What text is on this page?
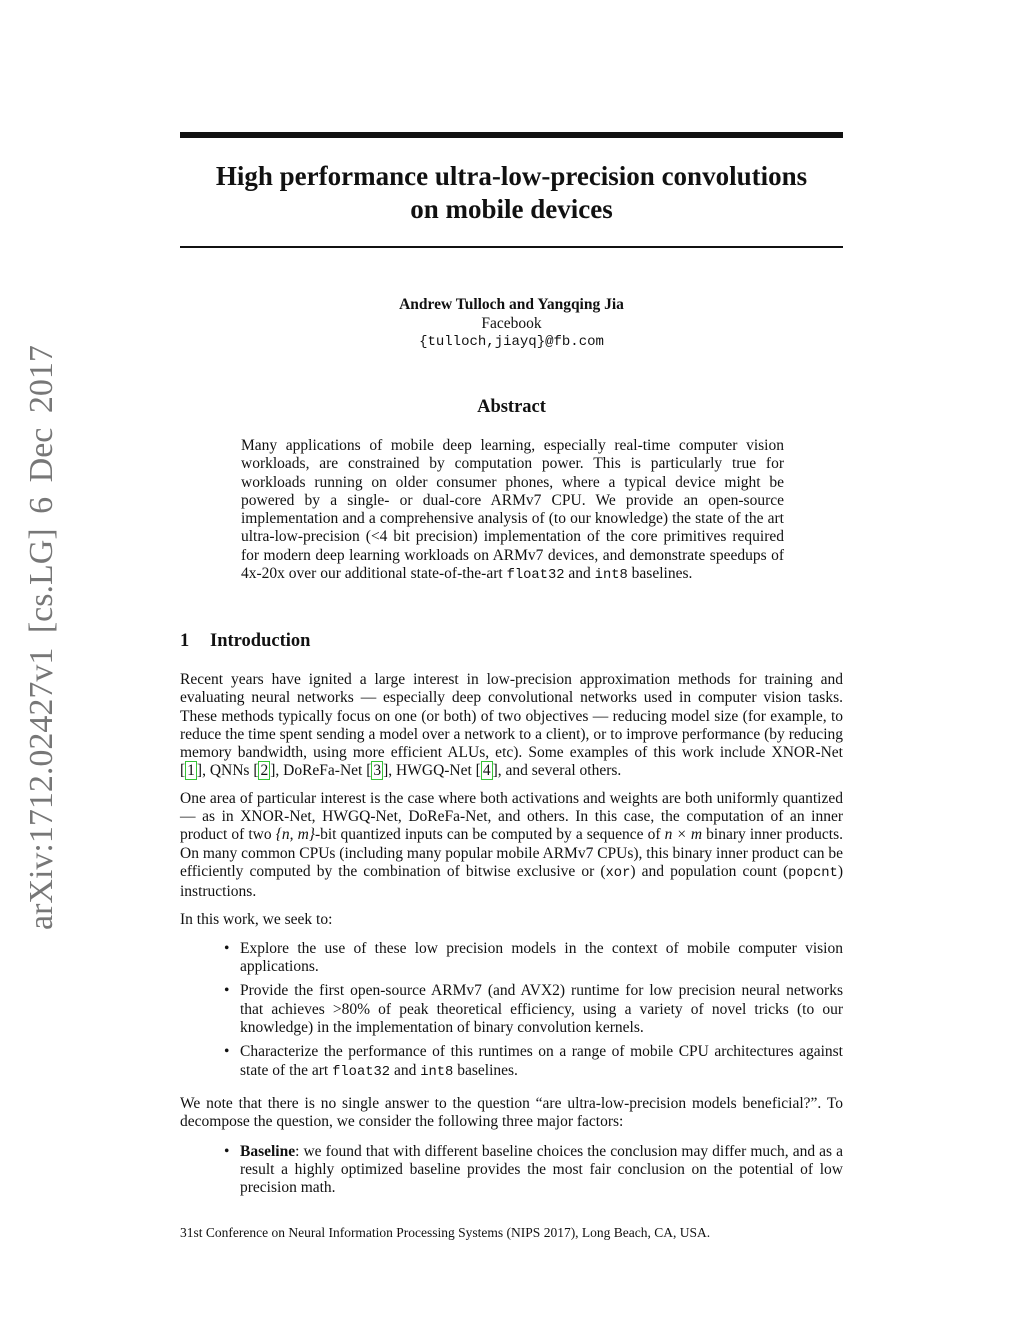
arXiv:1712.02427v1 [cs.LG] 6 Dec 2017
High performance ultra-low-precision convolutions
on mobile devices
Andrew Tulloch and Yangqing Jia
Facebook
{tulloch,jiayq}@fb.com
Abstract

Many applications of mobile deep learning, especially real-time computer vision workloads, are constrained by computation power. This is particularly true for workloads running on older consumer phones, where a typical device might be powered by a single- or dual-core ARMv7 CPU. We provide an open-source implementation and a comprehensive analysis of (to our knowledge) the state of the art ultra-low-precision (<4 bit precision) implementation of the core primitives required for modern deep learning workloads on ARMv7 devices, and demonstrate speedups of 4x-20x over our additional state-of-the-art float32 and int8 baselines.

1 Introduction

Recent years have ignited a large interest in low-precision approximation methods for training and evaluating neural networks — especially deep convolutional networks used in computer vision tasks. These methods typically focus on one (or both) of two objectives — reducing model size (for example, to reduce the time spent sending a model over a network to a client), or to improve performance (by reducing memory bandwidth, using more efficient ALUs, etc). Some examples of this work include XNOR-Net [ 1 ], QNNs [ 2 ], DoReFa-Net [ 3 ], HWGQ-Net [ 4 ], and several others.

One area of particular interest is the case where both activations and weights are both uniformly quantized — as in XNOR-Net, HWGQ-Net, DoReFa-Net, and others. In this case, the computation of an inner product of two {n, m}-bit quantized inputs can be computed by a sequence of n × m binary inner products. On many common CPUs (including many popular mobile ARMv7 CPUs), this binary inner product can be efficiently computed by the combination of bitwise exclusive or (xor) and population count (popcnt) instructions.

In this work, we seek to:

• Explore the use of these low precision models in the context of mobile computer vision applications.
• Provide the first open-source ARMv7 (and AVX2) runtime for low precision neural networks that achieves >80% of peak theoretical efficiency, using a variety of novel tricks (to our knowledge) in the implementation of binary convolution kernels.
• Characterize the performance of this runtimes on a range of mobile CPU architectures against state of the art float32 and int8 baselines.

We note that there is no single answer to the question “are ultra-low-precision models beneficial?”. To decompose the question, we consider the following three major factors:

• Baseline: we found that with different baseline choices the conclusion may differ much, and as a result a highly optimized baseline provides the most fair conclusion on the potential of low precision math.
31st Conference on Neural Information Processing Systems (NIPS 2017), Long Beach, CA, USA.
